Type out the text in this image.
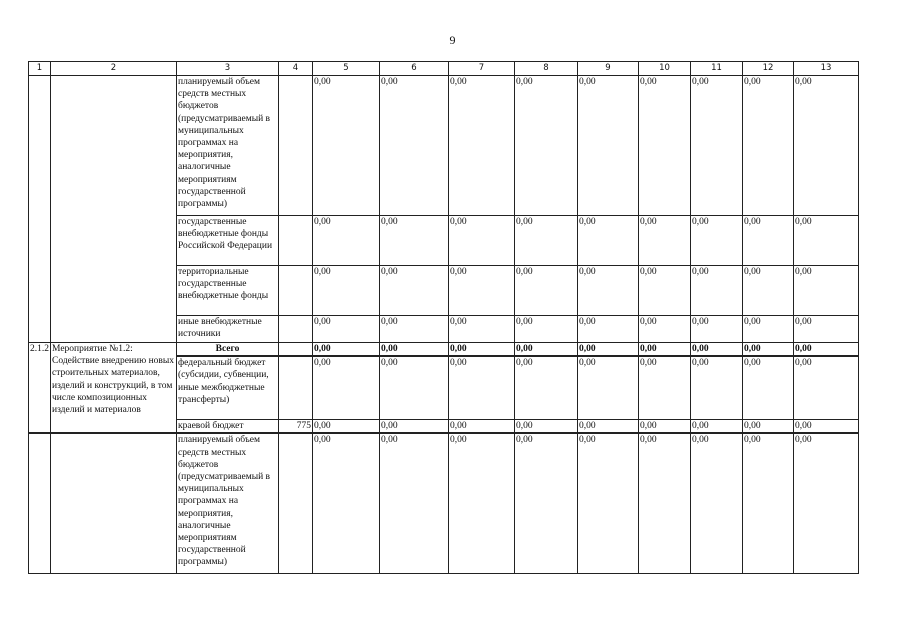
9
1	2	3	4	5	6	7	8	9	10	11	12	13
		планируемый объем средств местных бюджетов (предусматриваемый в муниципальных программах на мероприятия, аналогичные мероприятиям государственной программы)		0,00	0,00	0,00	0,00	0,00	0,00	0,00	0,00	0,00
		государственные внебюджетные фонды Российской Федерации		0,00	0,00	0,00	0,00	0,00	0,00	0,00	0,00	0,00
		территориальные государственные внебюджетные фонды		0,00	0,00	0,00	0,00	0,00	0,00	0,00	0,00	0,00
		иные внебюджетные источники		0,00	0,00	0,00	0,00	0,00	0,00	0,00	0,00	0,00
2.1.2	Мероприятие №1.2: Содействие внедрению новых строительных материалов, изделий и конструкций, в том числе композиционных изделий и материалов	Всего		0,00	0,00	0,00	0,00	0,00	0,00	0,00	0,00	0,00
		федеральный бюджет (субсидии, субвенции, иные межбюджетные трансферты)		0,00	0,00	0,00	0,00	0,00	0,00	0,00	0,00	0,00
		краевой бюджет	775	0,00	0,00	0,00	0,00	0,00	0,00	0,00	0,00	0,00
		планируемый объем средств местных бюджетов (предусматриваемый в муниципальных программах на мероприятия, аналогичные мероприятиям государственной программы)		0,00	0,00	0,00	0,00	0,00	0,00	0,00	0,00	0,00
